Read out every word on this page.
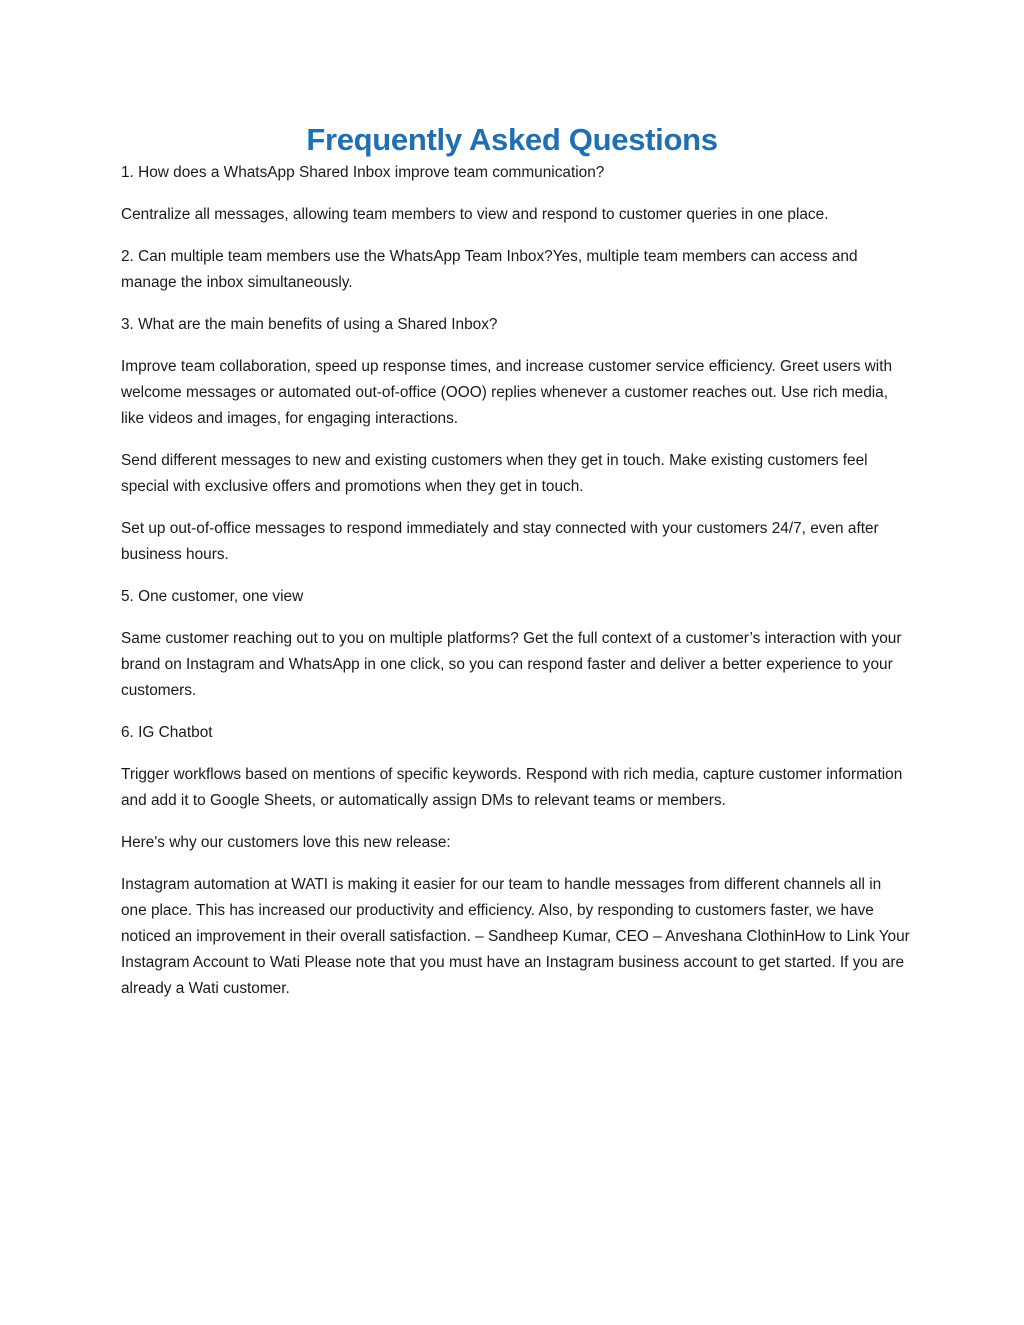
Frequently Asked Questions

1. How does a WhatsApp Shared Inbox improve team communication?

Centralize all messages, allowing team members to view and respond to customer queries in one place.

2. Can multiple team members use the WhatsApp Team Inbox?Yes, multiple team members can access and manage the inbox simultaneously.

3. What are the main benefits of using a Shared Inbox?

Improve team collaboration, speed up response times, and increase customer service efficiency. Greet users with welcome messages or automated out-of-office (OOO) replies whenever a customer reaches out. Use rich media, like videos and images, for engaging interactions.

Send different messages to new and existing customers when they get in touch. Make existing customers feel special with exclusive offers and promotions when they get in touch.

Set up out-of-office messages to respond immediately and stay connected with your customers 24/7, even after business hours.

5. One customer, one view

Same customer reaching out to you on multiple platforms? Get the full context of a customer’s interaction with your brand on Instagram and WhatsApp in one click, so you can respond faster and deliver a better experience to your customers.

6. IG Chatbot

Trigger workflows based on mentions of specific keywords. Respond with rich media, capture customer information and add it to Google Sheets, or automatically assign DMs to relevant teams or members.

Here's why our customers love this new release:

Instagram automation at WATI is making it easier for our team to handle messages from different channels all in one place. This has increased our productivity and efficiency. Also, by responding to customers faster, we have noticed an improvement in their overall satisfaction. – Sandheep Kumar, CEO – Anveshana ClothinHow to Link Your Instagram Account to Wati Please note that you must have an Instagram business account to get started. If you are already a Wati customer.
